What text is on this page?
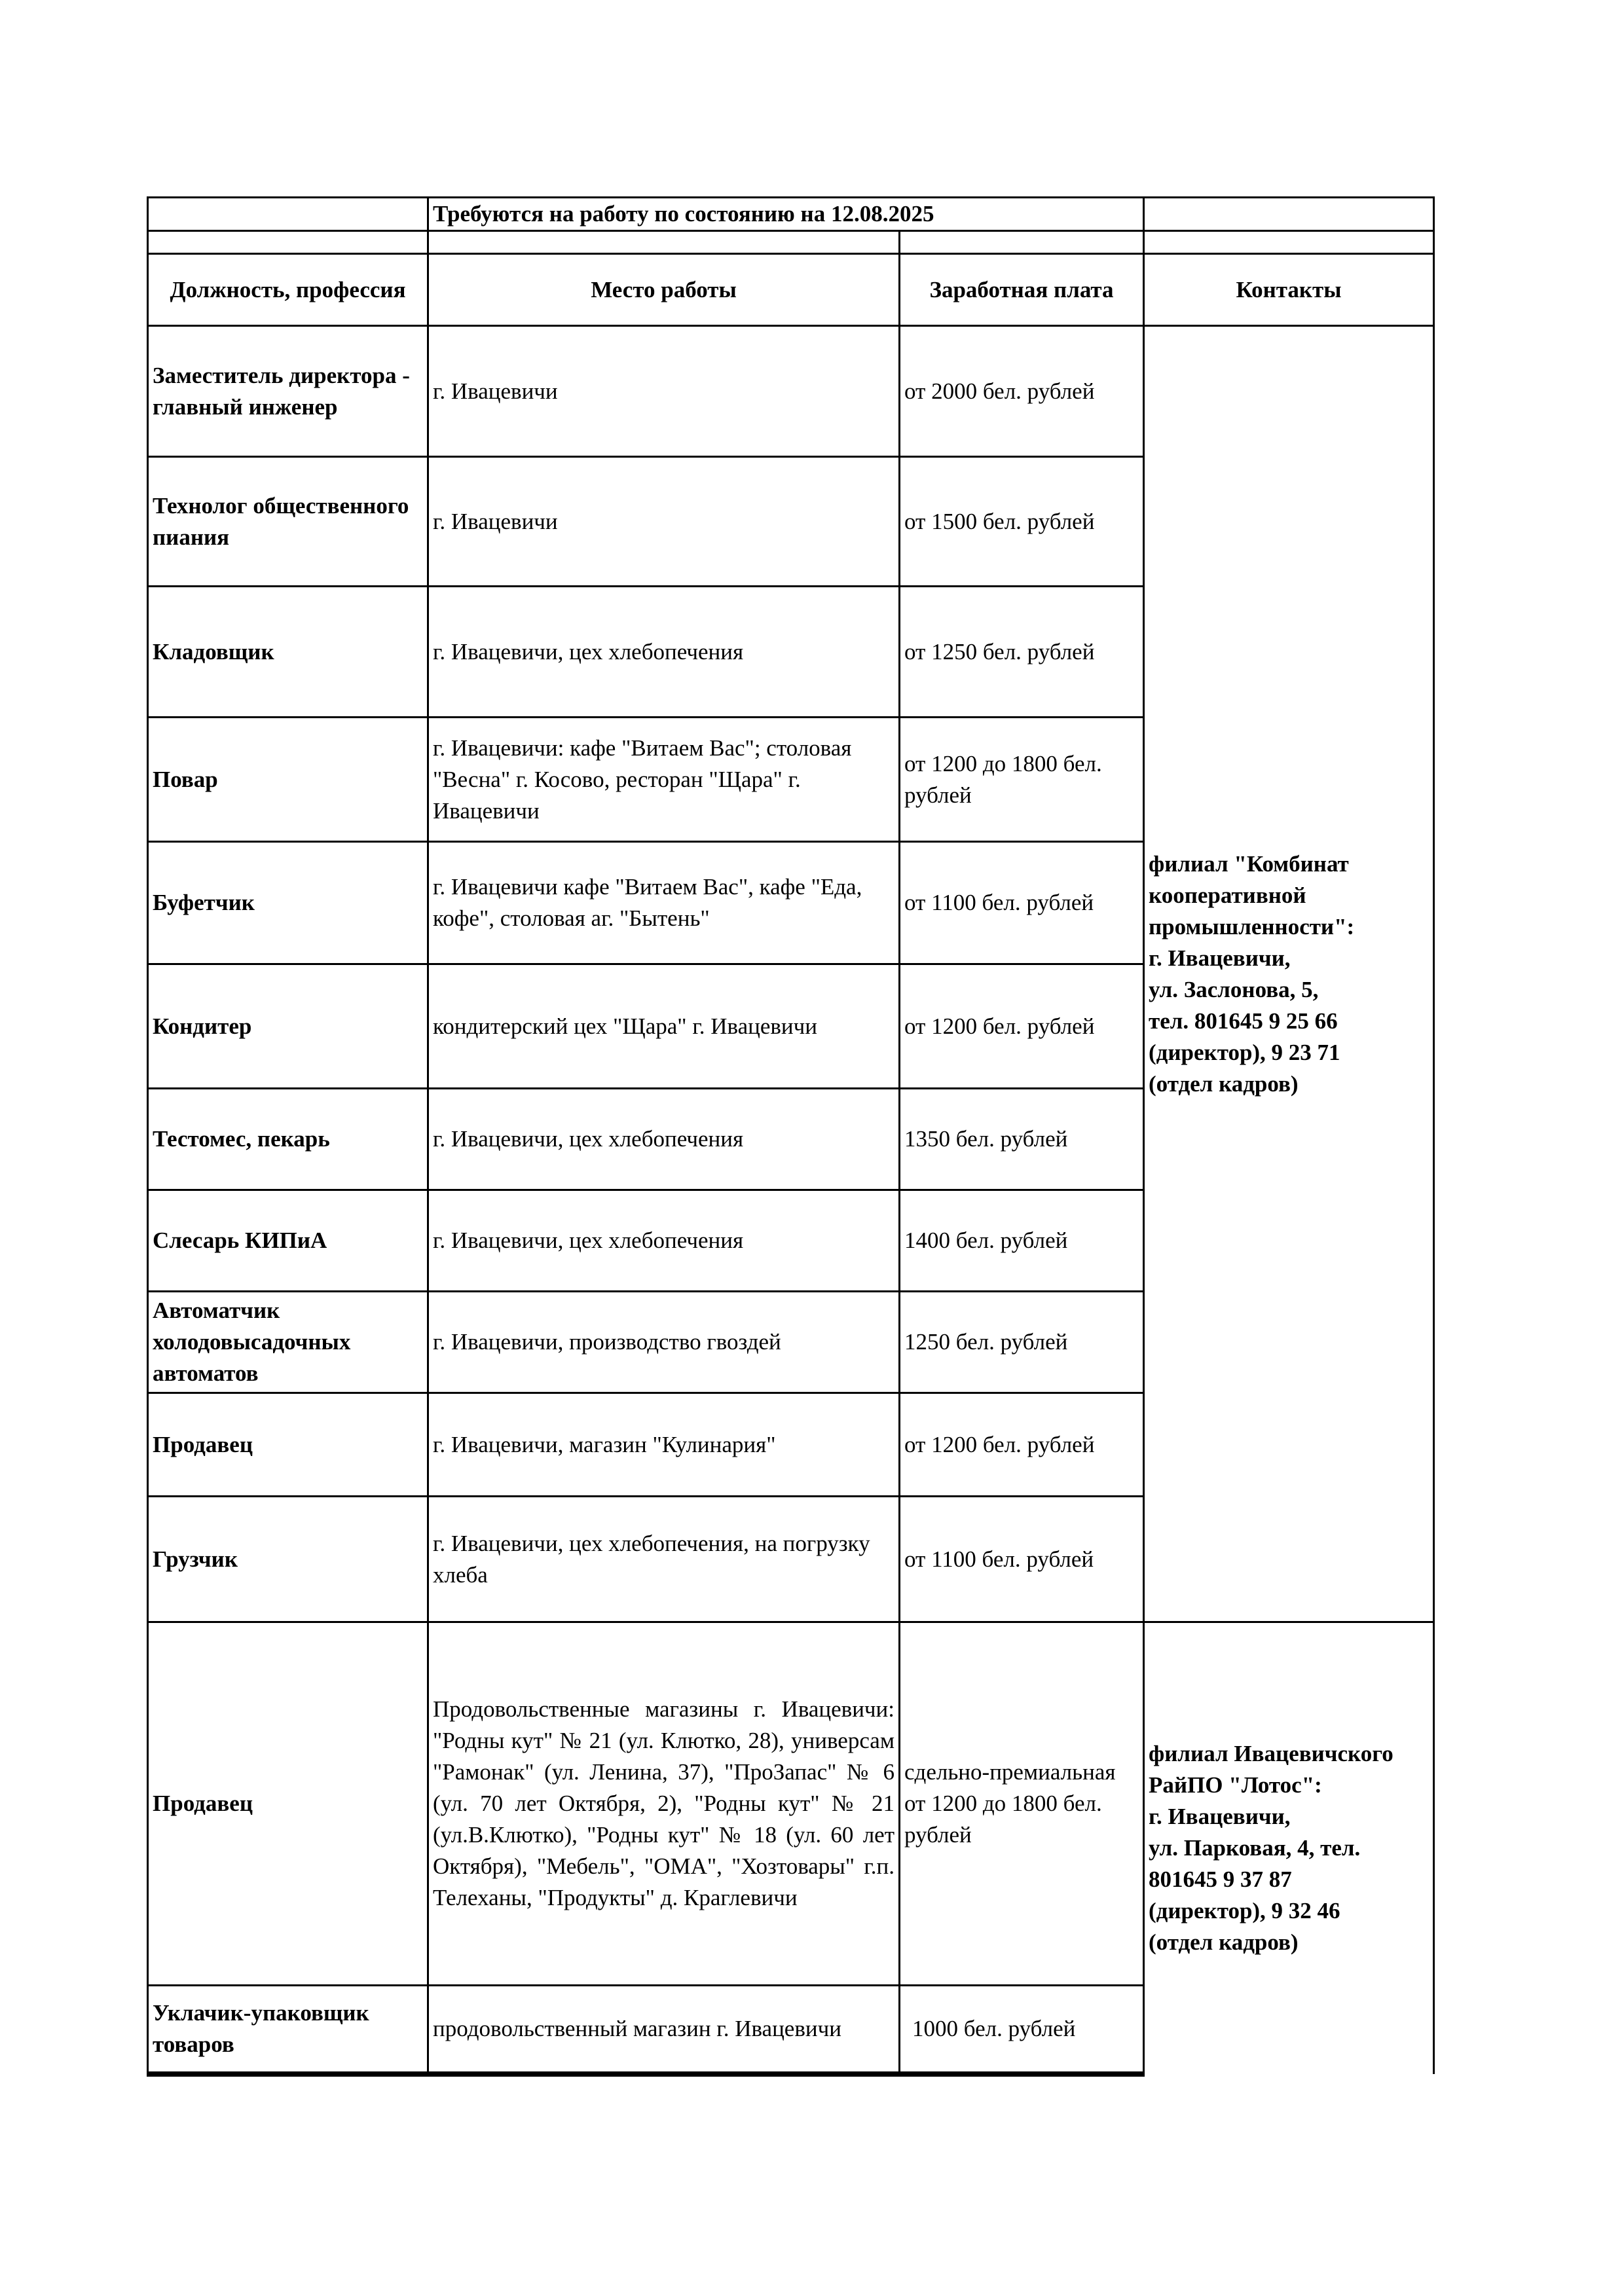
	Требуются на работу по состоянию на 12.08.2025		

Должность, профессия	Место работы	Заработная плата	Контакты
Заместитель директора - главный инженер	г. Ивацевичи	от 2000 бел. рублей	
филиал "Комбинат
кооперативной
промышленности":
г. Ивацевичи,
ул. Заслонова, 5,
тел. 801645 9 25 66
(директор), 9 23 71
(отдел кадров)

Технолог общественного пиания	г. Ивацевичи	от 1500 бел. рублей	
Кладовщик	г. Ивацевичи, цех хлебопечения	от 1250 бел. рублей	
Повар	г. Ивацевичи: кафе "Витаем Вас"; столовая "Весна" г. Косово, ресторан "Щара" г. Ивацевичи	от 1200 до 1800 бел. рублей	
Буфетчик	г. Ивацевичи кафе "Витаем Вас", кафе "Еда, кофе", столовая аг. "Бытень"	от 1100 бел. рублей	
Кондитер	кондитерский цех "Щара" г. Ивацевичи	от 1200 бел. рублей	
Тестомес, пекарь	г. Ивацевичи, цех хлебопечения	1350 бел. рублей	
Слесарь КИПиА	г. Ивацевичи, цех хлебопечения	1400 бел. рублей	
Автоматчик холодовысадочных автоматов	г. Ивацевичи, производство гвоздей	1250 бел. рублей	
Продавец	г. Ивацевичи, магазин "Кулинария"	от 1200 бел. рублей	
Грузчик	г. Ивацевичи, цех хлебопечения, на погрузку хлеба	от 1100 бел. рублей	
Продавец	Продовольственные магазины г. Ивацевичи: "Родны кут" № 21 (ул. Клютко, 28), универсам "Рамонак" (ул. Ленина, 37), "ПроЗапас" № 6 (ул. 70 лет Октября, 2), "Родны кут" № 21 (ул.В.Клютко), "Родны кут" № 18 (ул. 60 лет Октября), "Мебель", "ОМА", "Хозтовары" г.п. Телеханы, "Продукты" д. Краглевичи	сдельно-премиальная от 1200 до 1800 бел. рублей	
филиал Ивацевичского
РайПО "Лотос":
г. Ивацевичи,
ул. Парковая, 4, тел.
801645 9 37 87
(директор), 9 32 46
(отдел кадров)

Уклачик-упаковщик товаров	продовольственный магазин г. Ивацевичи	1000 бел. рублей	
